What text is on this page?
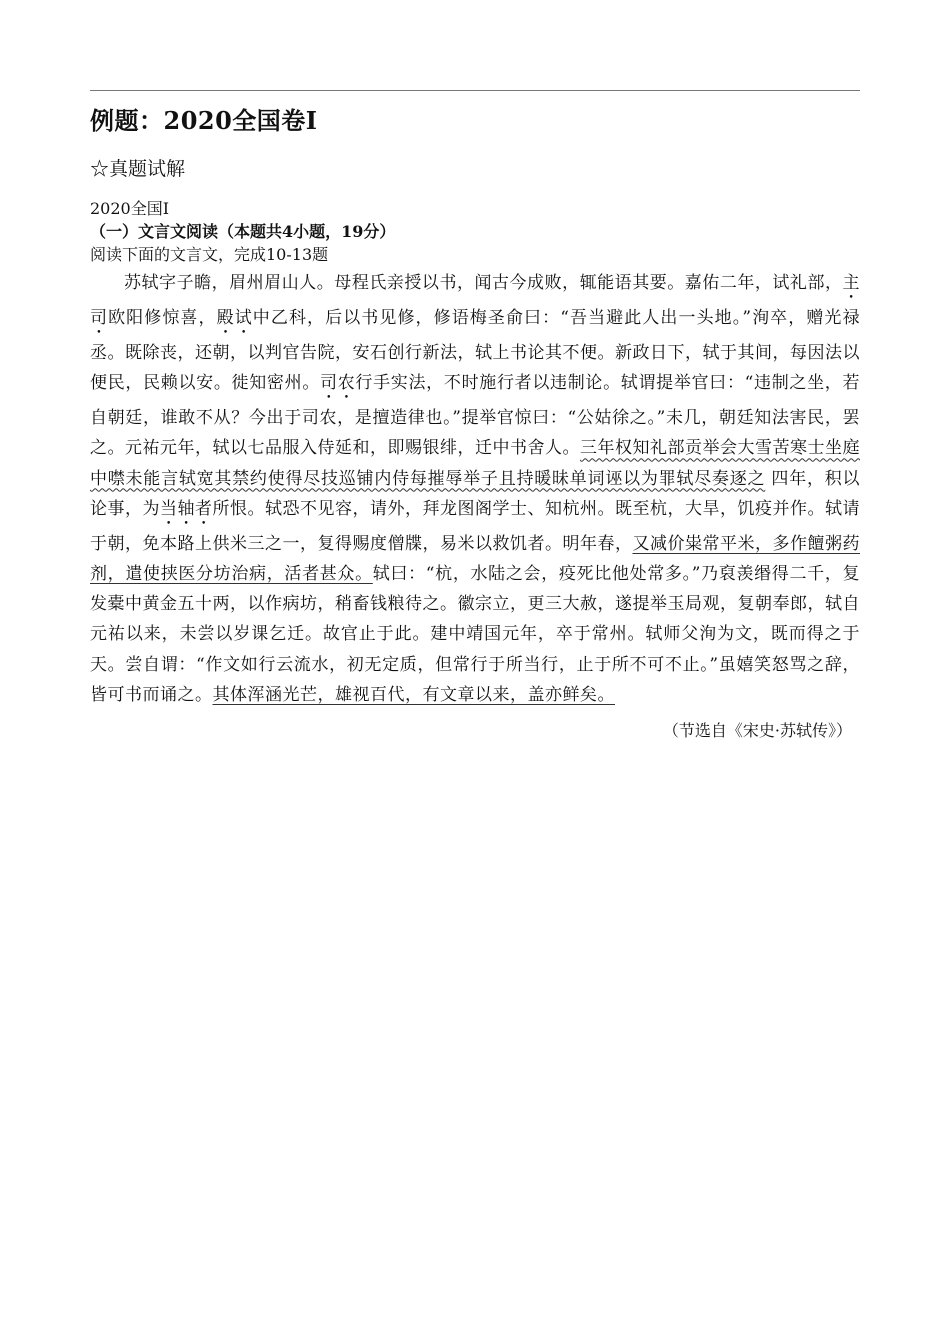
例题：2020全国卷Ⅰ
☆真题试解
2020全国I
（一）文言文阅读（本题共4小题，19分）
阅读下面的文言文，完成10-13题
苏轼字子瞻，眉州眉山人。母程氏亲授以书，闻古今成败，辄能语其要。嘉佑二年，试礼部，主司欧阳修惊喜，殿试中乙科，后以书见修，修语梅圣俞曰：“吾当避此人出一头地。”洵卒，赠光禄丞。既除丧，还朝，以判官告院，安石创行新法，轼上书论其不便。新政日下，轼于其间，每因法以便民，民赖以安。徙知密州。司农行手实法，不时施行者以违制论。轼谓提举官曰：“违制之坐，若自朝廷，谁敢不从？今出于司农，是擅造律也。”提举官惊曰：“公姑徐之。”未几，朝廷知法害民，罢之。元祐元年，轼以七品服入侍延和，即赐银绯，迁中书舍人。三年权知礼部贡举会大雪苦寒士坐庭中噤未能言轼宽其禁约使得尽技巡铺内侍每摧辱举子且持暖昧单词诬以为罪轼尽奏逐之 四年，积以论事，为当轴者所恨。轼恐不见容，请外，拜龙图阁学士、知杭州。既至杭，大旱，饥疫并作。轼请于朝，免本路上供米三之一，复得赐度僧牒，易米以救饥者。明年春，又减价粜常平米，多作饘粥药剂，遣使挟医分坊治病，活者甚众。轼曰：“杭，水陆之会，疫死比他处常多。”乃裒羡缗得二千，复发橐中黄金五十两，以作病坊，稍畜钱粮待之。徽宗立，更三大赦，遂提举玉局观，复朝奉郎，轼自元祐以来，未尝以岁课乞迁。故官止于此。建中靖国元年，卒于常州。轼师父洵为文，既而得之于天。尝自谓：“作文如行云流水，初无定质，但常行于所当行，止于所不可不止。”虽嬉笑怒骂之辞，皆可书而诵之。其体浑涵光芒，雄视百代，有文章以来，盖亦鲜矣。
（节选自《宋史·苏轼传》）
